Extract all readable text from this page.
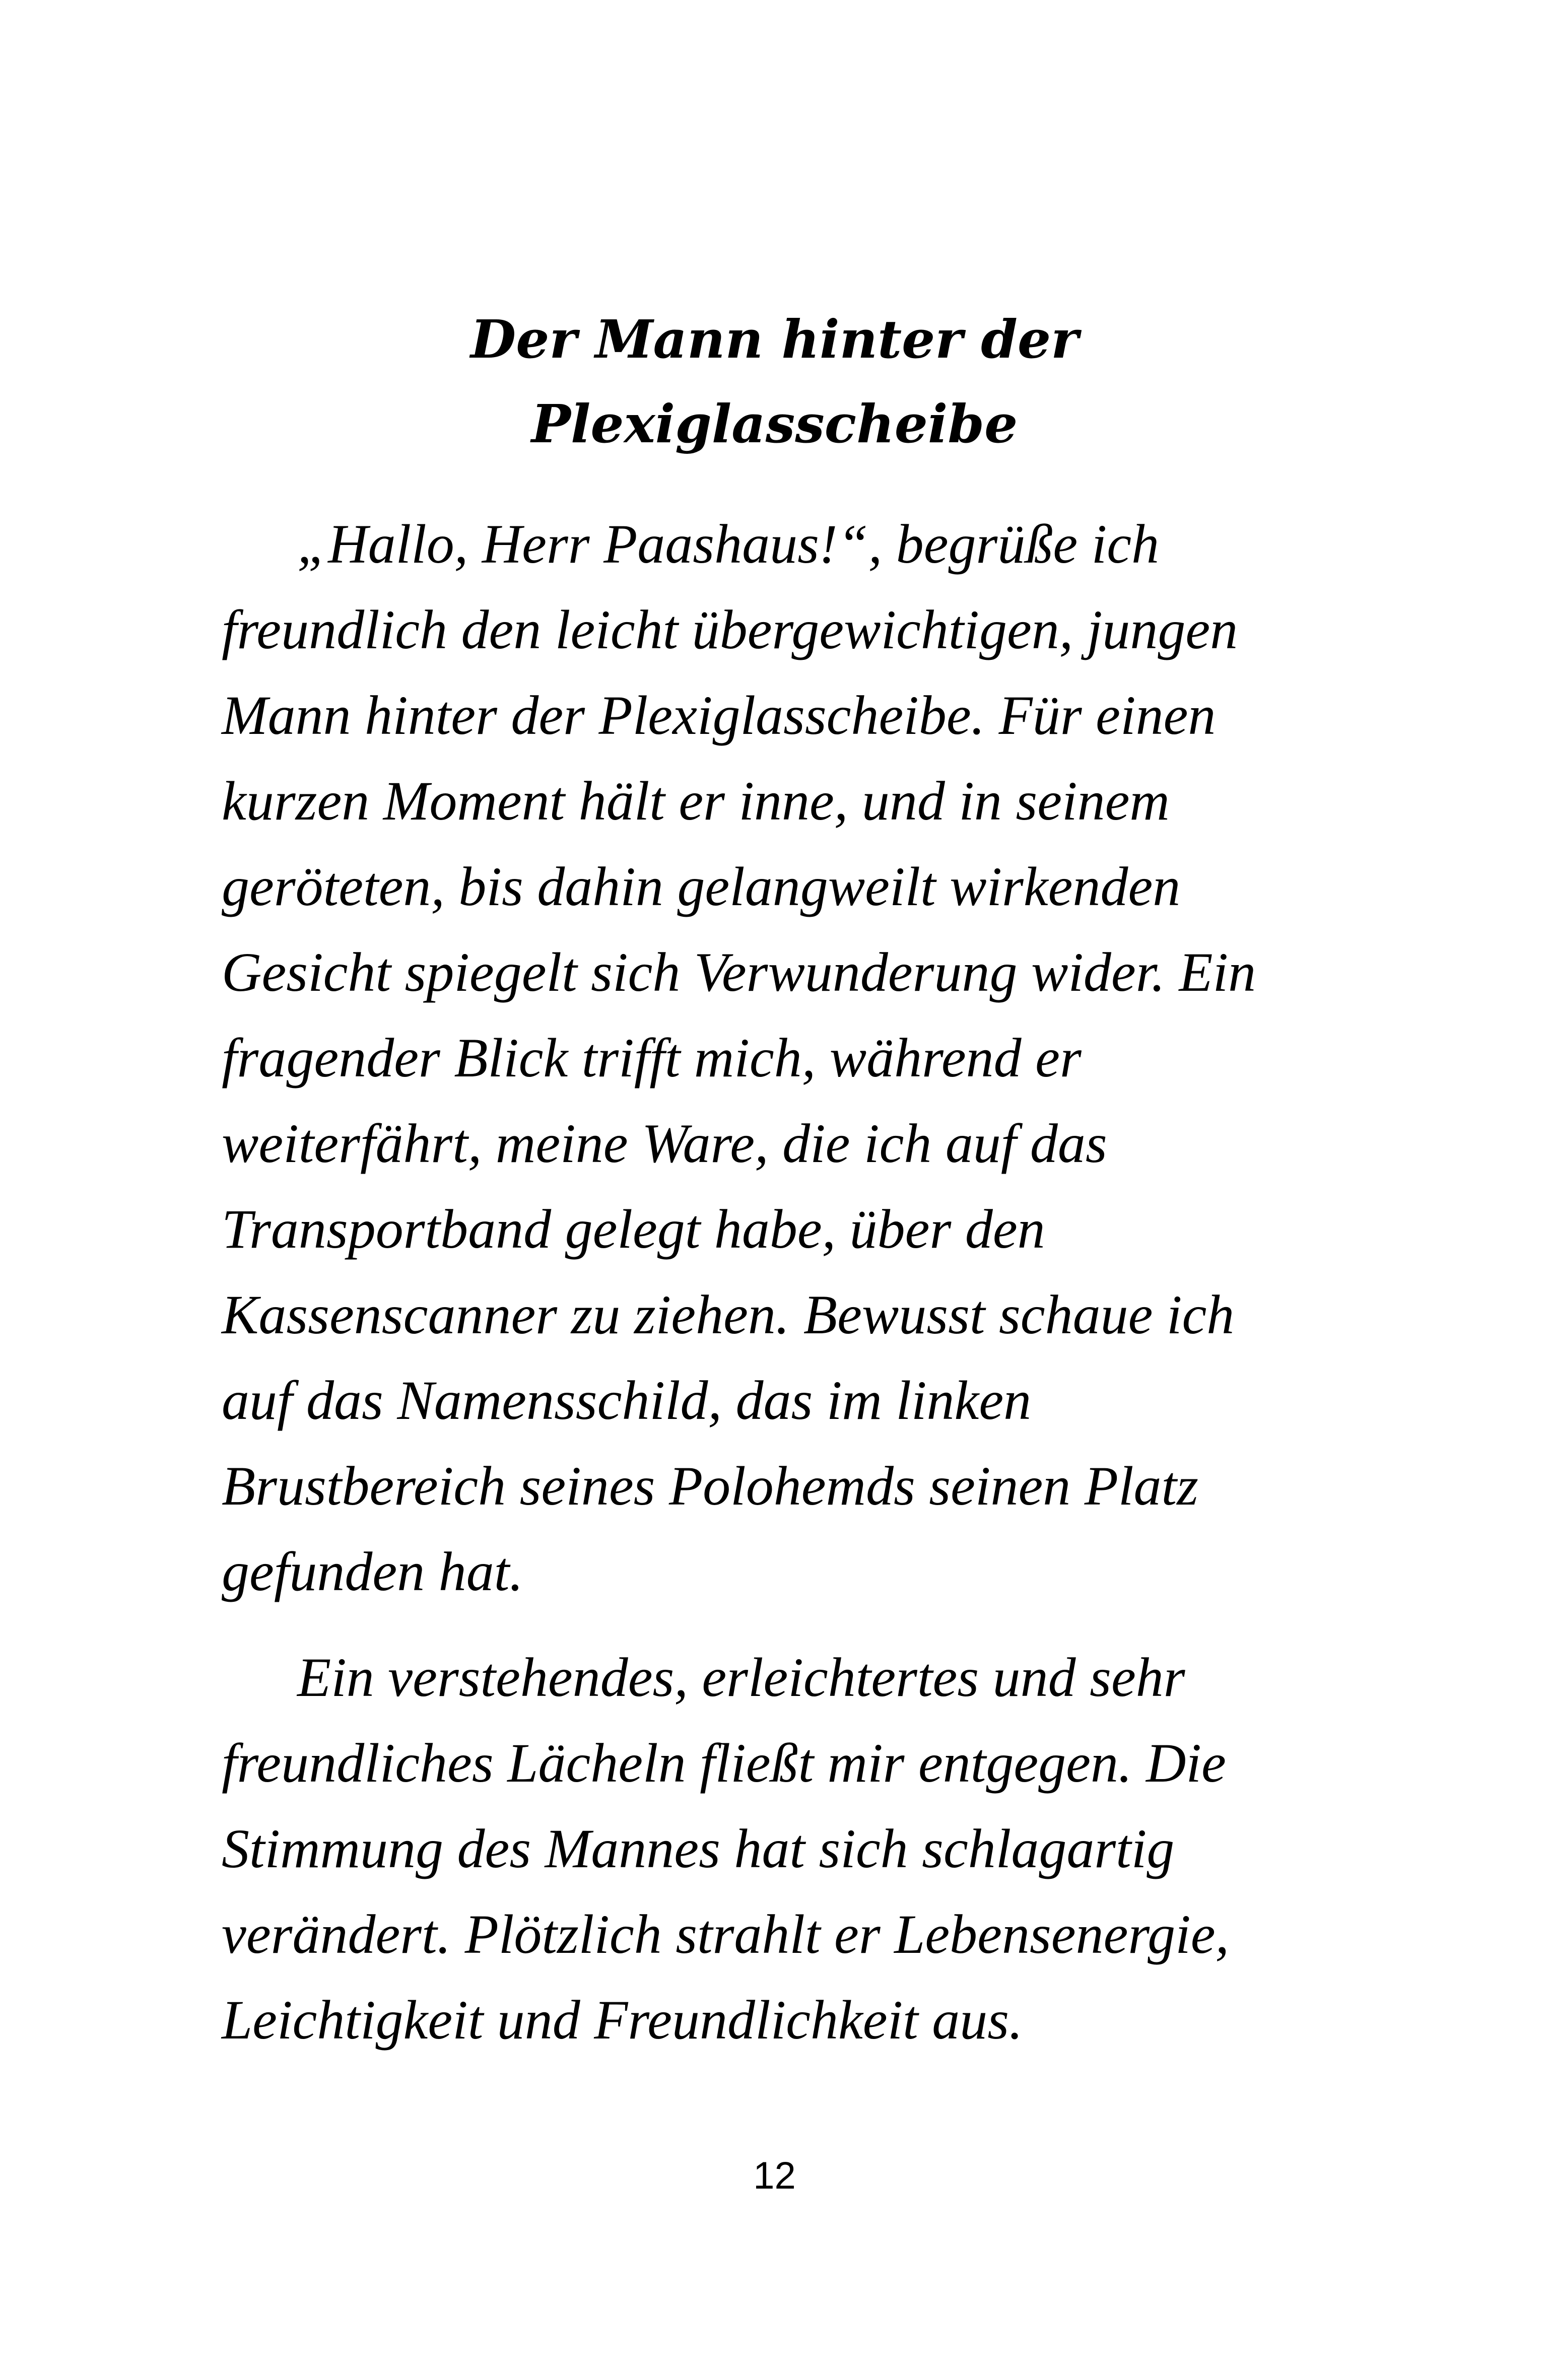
Der Mann hinter der
Plexiglasscheibe
„Hallo, Herr Paashaus!“, begrüße ich
freundlich den leicht übergewichtigen, jungen
Mann hinter der Plexiglasscheibe. Für einen
kurzen Moment hält er inne, und in seinem
geröteten, bis dahin gelangweilt wirkenden
Gesicht spiegelt sich Verwunderung wider. Ein
fragender Blick trifft mich, während er
weiterfährt, meine Ware, die ich auf das
Transportband gelegt habe, über den
Kassenscanner zu ziehen. Bewusst schaue ich
auf das Namensschild, das im linken
Brustbereich seines Polohemds seinen Platz
gefunden hat.
Ein verstehendes, erleichtertes und sehr
freundliches Lächeln fließt mir entgegen. Die
Stimmung des Mannes hat sich schlagartig
verändert. Plötzlich strahlt er Lebensenergie,
Leichtigkeit und Freundlichkeit aus.
12
